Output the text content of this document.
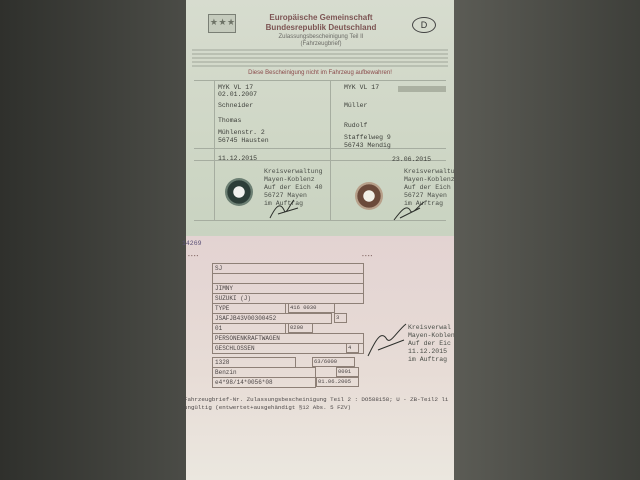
★ ★ ★	D
Europäische Gemeinschaft
Bundesrepublik Deutschland
Zulassungsbescheinigung Teil II
(Fahrzeugbrief)
Diese Bescheinigung nicht im Fahrzeug aufbewahren!
MYK VL 17
02.01.2007
Schneider
Thomas
Mühlenstr. 2
56745 Hausten
11.12.2015
MYK VL 17
Müller
Rudolf
Staffelweg 9
56743 Mendig
23.06.2015
Kreisverwaltung
Mayen-Koblenz
Auf der Eich 40
56727 Mayen
im Auftrag
Kreisverwaltu
Mayen-Koblenz
Auf der Eich
56727 Mayen
im Auftrag
14269
▪ ▪ ▪ ▪	▪ ▪ ▪ ▪
SJ
JIMNY
SUZUKI (J)
TYPE	416 0030
JSAFJB43V00300452	3
01	0200
PERSONENKRAFTWAGEN
GESCHLOSSEN	4
1328	63/6000
Benzin	0001
e4*98/14*0056*08	01.06.2005
Kreisverwal
Mayen-Koblen
Auf der Eic
11.12.2015
im Auftrag
Fahrzeugbrief-Nr. Zulassungsbescheinigung Teil 2 : DO588158; U - ZB-Teil2 li
ungültig (entwertet+ausgehändigt §12 Abs. 5 FZV)
